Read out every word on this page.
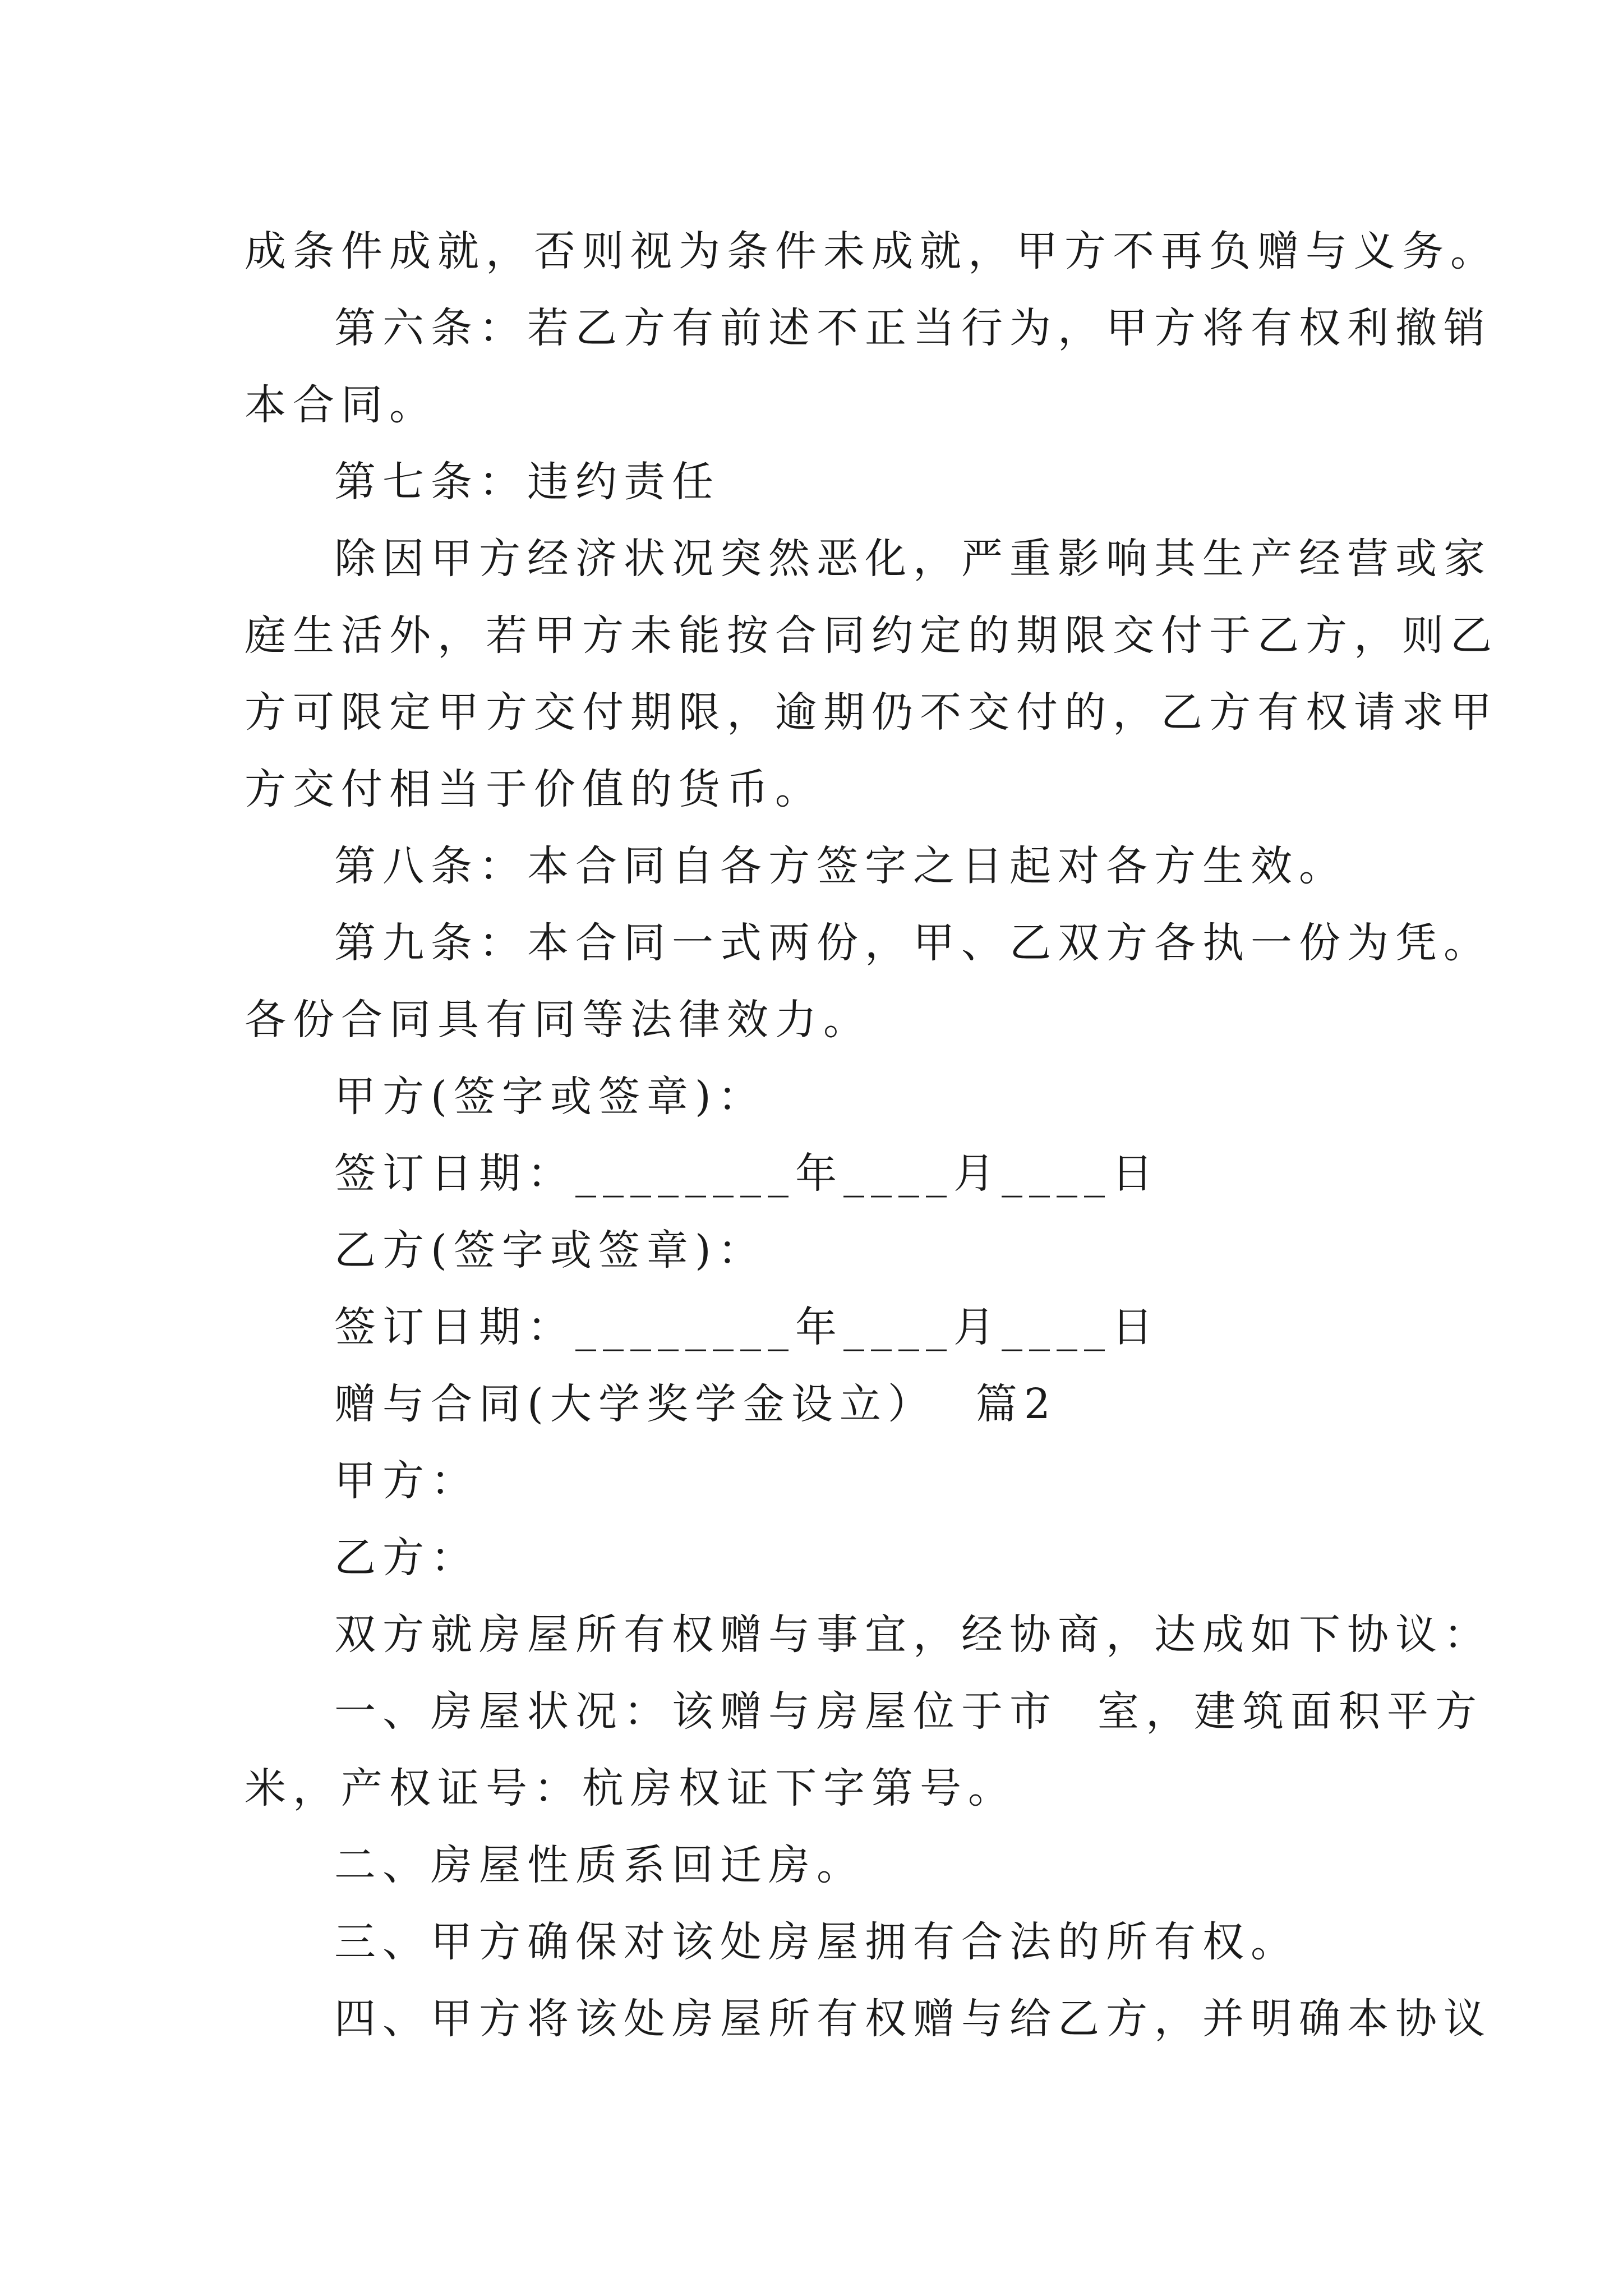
成条件成就，否则视为条件未成就，甲方不再负赠与义务。
第六条：若乙方有前述不正当行为，甲方将有权利撤销
本合同。
第七条：违约责任
除因甲方经济状况突然恶化，严重影响其生产经营或家
庭生活外，若甲方未能按合同约定的期限交付于乙方，则乙
方可限定甲方交付期限，逾期仍不交付的，乙方有权请求甲
方交付相当于价值的货币。
第八条：本合同自各方签字之日起对各方生效。
第九条：本合同一式两份，甲、乙双方各执一份为凭。
各份合同具有同等法律效力。
甲方(签字或签章)：
签订日期：________年____月____日
乙方(签字或签章)：
签订日期：________年____月____日
赠与合同(大学奖学金设立）  篇2
甲方：
乙方：
双方就房屋所有权赠与事宜，经协商，达成如下协议：
一、房屋状况：该赠与房屋位于市  室，建筑面积平方
米，产权证号：杭房权证下字第号。
二、房屋性质系回迁房。
三、甲方确保对该处房屋拥有合法的所有权。
四、甲方将该处房屋所有权赠与给乙方，并明确本协议
